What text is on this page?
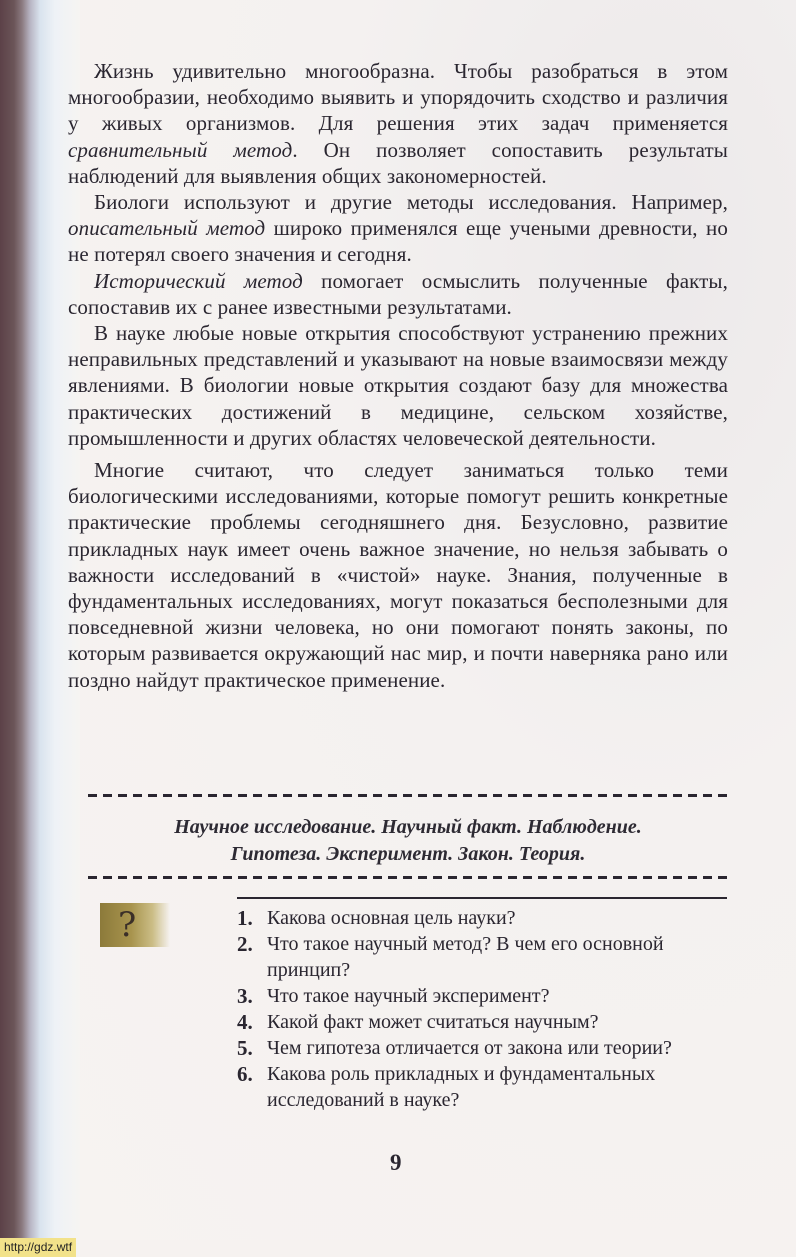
Жизнь удивительно многообразна. Чтобы разобраться в этом многообразии, необходимо выявить и упорядочить сходство и различия у живых организмов. Для решения этих задач применяется сравнительный метод. Он позволяет сопоставить результаты наблюдений для выявления общих закономерностей.

Биологи используют и другие методы исследования. Например, описательный метод широко применялся еще учеными древности, но не потерял своего значения и сегодня.

Исторический метод помогает осмыслить полученные факты, сопоставив их с ранее известными результатами.

В науке любые новые открытия способствуют устранению прежних неправильных представлений и указывают на новые взаимосвязи между явлениями. В биологии новые открытия создают базу для множества практических достижений в медицине, сельском хозяйстве, промышленности и других областях человеческой деятельности.

Многие считают, что следует заниматься только теми биологическими исследованиями, которые помогут решить конкретные практические проблемы сегодняшнего дня. Безусловно, развитие прикладных наук имеет очень важное значение, но нельзя забывать о важности исследований в «чистой» науке. Знания, полученные в фундаментальных исследованиях, могут показаться бесполезными для повседневной жизни человека, но они помогают понять законы, по которым развивается окружающий нас мир, и почти наверняка рано или поздно найдут практическое применение.

Научное исследование. Научный факт. Наблюдение.
Гипотеза. Эксперимент. Закон. Теория.
?	1. Какова основная цель науки?
2. Что такое научный метод? В чем его основной принцип?
3. Что такое научный эксперимент?
4. Какой факт может считаться научным?
5. Чем гипотеза отличается от закона или теории?
6. Какова роль прикладных и фундаментальных исследований в науке?
9
http://gdz.wtf
